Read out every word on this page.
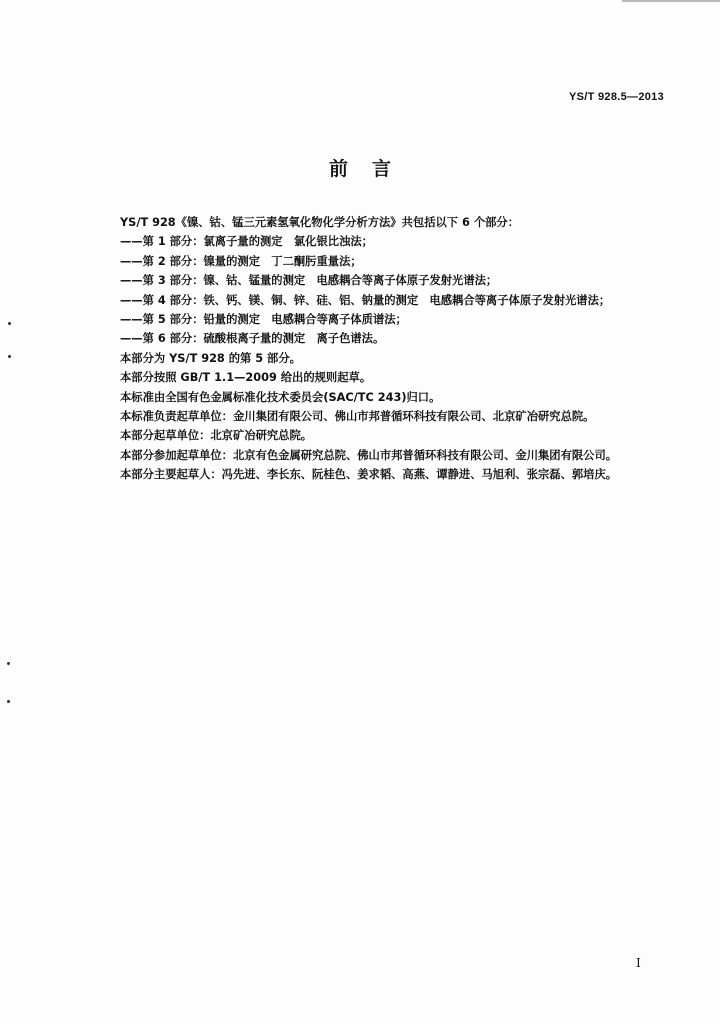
YS/T 928.5—2013
前言
YS/T 928《镍、钴、锰三元素氢氧化物化学分析方法》共包括以下 6 个部分：
——第 1 部分：氯离子量的测定　氯化银比浊法；
——第 2 部分：镍量的测定　丁二酮肟重量法；
——第 3 部分：镍、钴、锰量的测定　电感耦合等离子体原子发射光谱法；
——第 4 部分：铁、钙、镁、铜、锌、硅、铝、钠量的测定　电感耦合等离子体原子发射光谱法；
——第 5 部分：铅量的测定　电感耦合等离子体质谱法；
——第 6 部分：硫酸根离子量的测定　离子色谱法。
本部分为 YS/T 928 的第 5 部分。
本部分按照 GB/T 1.1—2009 给出的规则起草。
本标准由全国有色金属标准化技术委员会(SAC/TC 243)归口。
本标准负责起草单位：金川集团有限公司、佛山市邦普循环科技有限公司、北京矿冶研究总院。
本部分起草单位：北京矿冶研究总院。
本部分参加起草单位：北京有色金属研究总院、佛山市邦普循环科技有限公司、金川集团有限公司。
本部分主要起草人：冯先进、李长东、阮桂色、姜求韬、高燕、谭静进、马旭利、张宗磊、郭培庆。
I
